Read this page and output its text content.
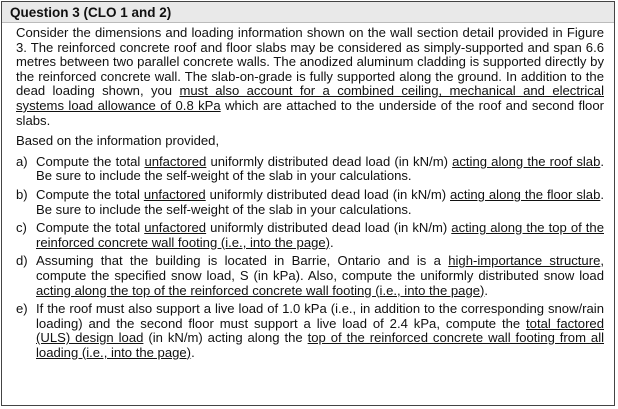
Question 3 (CLO 1 and 2)

Consider the dimensions and loading information shown on the wall section detail provided in Figure 3. The reinforced concrete roof and floor slabs may be considered as simply-supported and span 6.6 metres between two parallel concrete walls. The anodized aluminum cladding is supported directly by the reinforced concrete wall. The slab-on-grade is fully supported along the ground. In addition to the dead loading shown, you must also account for a combined ceiling, mechanical and electrical systems load allowance of 0.8 kPa which are attached to the underside of the roof and second floor slabs.

Based on the information provided,

a) Compute the total unfactored uniformly distributed dead load (in kN/m) acting along the roof slab. Be sure to include the self-weight of the slab in your calculations.
b) Compute the total unfactored uniformly distributed dead load (in kN/m) acting along the floor slab. Be sure to include the self-weight of the slab in your calculations.
c) Compute the total unfactored uniformly distributed dead load (in kN/m) acting along the top of the reinforced concrete wall footing (i.e., into the page).
d) Assuming that the building is located in Barrie, Ontario and is a high-importance structure, compute the specified snow load, S (in kPa). Also, compute the uniformly distributed snow load acting along the top of the reinforced concrete wall footing (i.e., into the page).
e) If the roof must also support a live load of 1.0 kPa (i.e., in addition to the corresponding snow/rain loading) and the second floor must support a live load of 2.4 kPa, compute the total factored (ULS) design load (in kN/m) acting along the top of the reinforced concrete wall footing from all loading (i.e., into the page).
